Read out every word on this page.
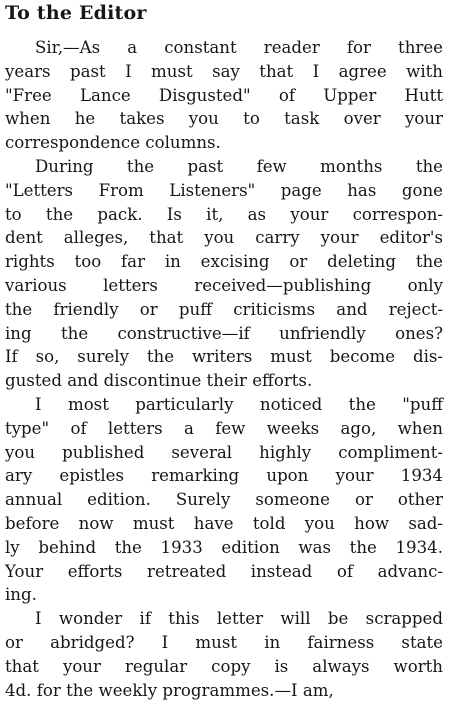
To the Editor
Sir,—As a constant reader for three
years past I must say that I agree with
"Free Lance Disgusted" of Upper Hutt
when he takes you to task over your
correspondence columns.
During the past few months the
"Letters From Listeners" page has gone
to the pack. Is it, as your correspon-
dent alleges, that you carry your editor's
rights too far in excising or deleting the
various letters received—publishing only
the friendly or puff criticisms and reject-
ing the constructive—if unfriendly ones?
If so, surely the writers must become dis-
gusted and discontinue their efforts.
I most particularly noticed the "puff
type" of letters a few weeks ago, when
you published several highly compliment-
ary epistles remarking upon your 1934
annual edition. Surely someone or other
before now must have told you how sad-
ly behind the 1933 edition was the 1934.
Your efforts retreated instead of advanc-
ing.
I wonder if this letter will be scrapped
or abridged? I must in fairness state
that your regular copy is always worth
4d. for the weekly programmes.—I am,
